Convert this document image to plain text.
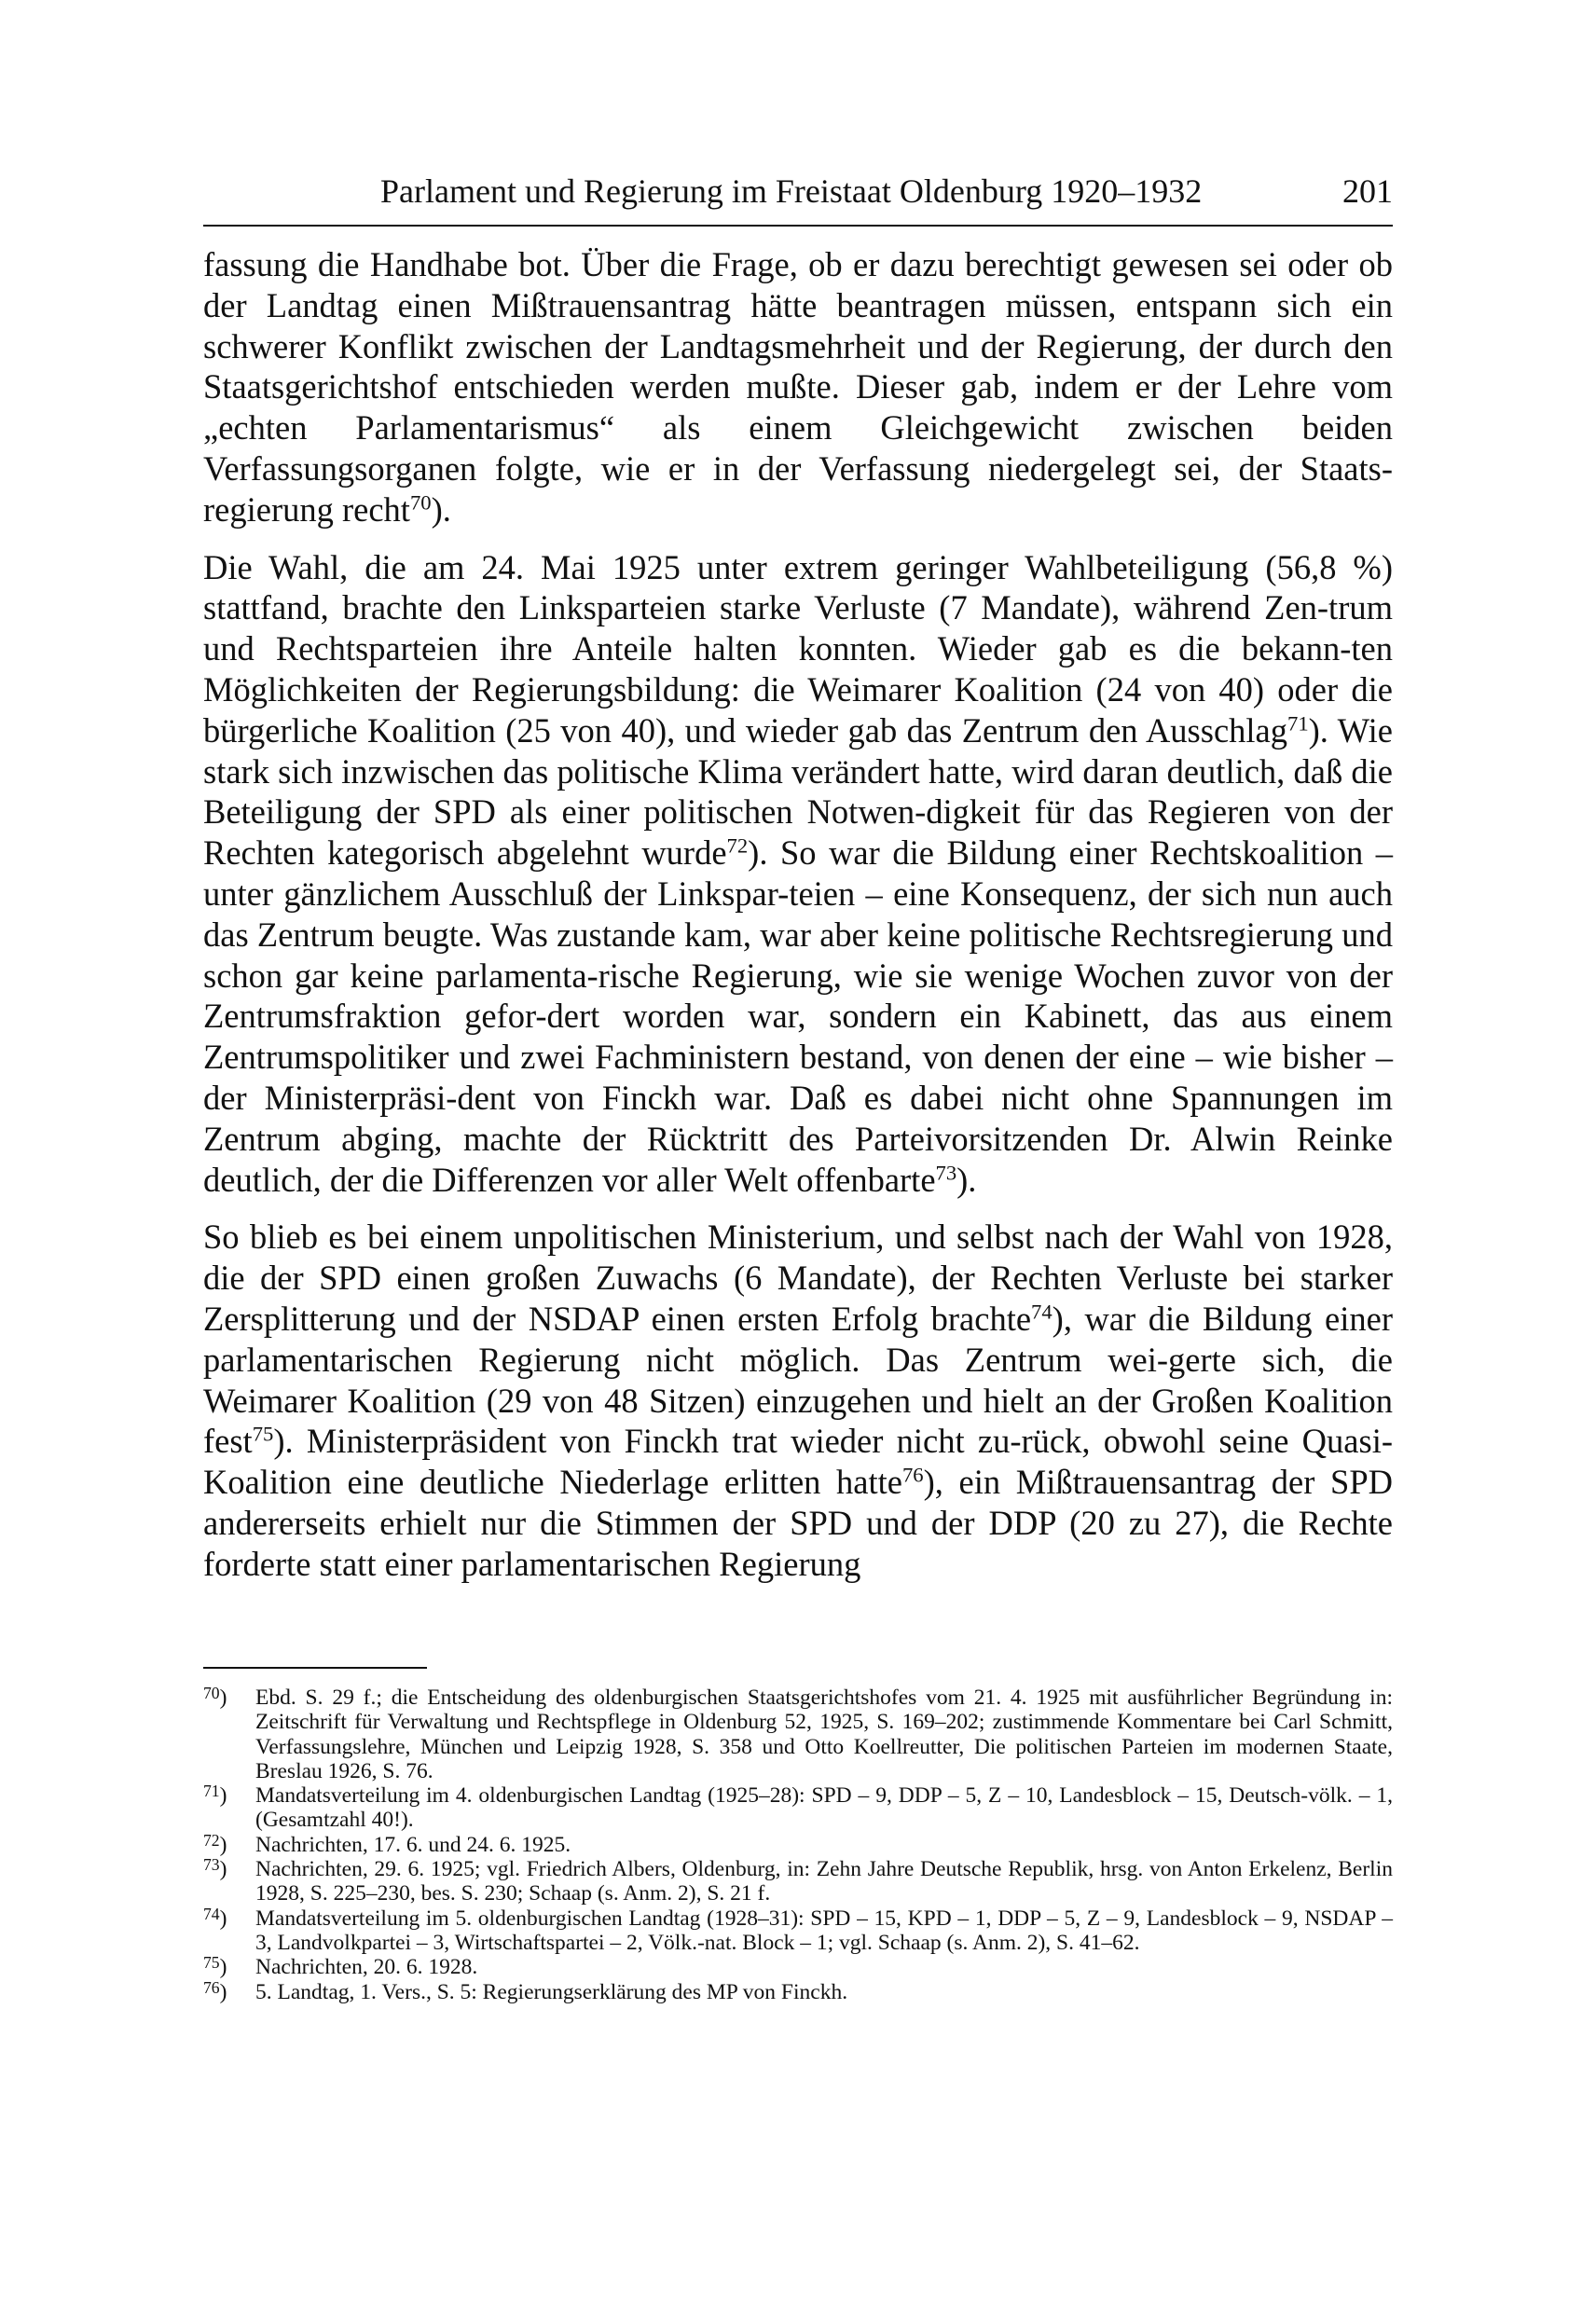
Parlament und Regierung im Freistaat Oldenburg 1920–1932	201

fassung die Handhabe bot. Über die Frage, ob er dazu berechtigt gewesen sei oder ob der Landtag einen Mißtrauensantrag hätte beantragen müssen, entspann sich ein schwerer Konflikt zwischen der Landtagsmehrheit und der Regierung, der durch den Staatsgerichtshof entschieden werden mußte. Dieser gab, indem er der Lehre vom „echten Parlamentarismus“ als einem Gleichgewicht zwischen beiden Verfassungsorganen folgte, wie er in der Verfassung niedergelegt sei, der Staats-regierung recht$^{70}$).

Die Wahl, die am 24. Mai 1925 unter extrem geringer Wahlbeteiligung (56,8 %) stattfand, brachte den Linksparteien starke Verluste (7 Mandate), während Zen-trum und Rechtsparteien ihre Anteile halten konnten. Wieder gab es die bekann-ten Möglichkeiten der Regierungsbildung: die Weimarer Koalition (24 von 40) oder die bürgerliche Koalition (25 von 40), und wieder gab das Zentrum den Ausschlag$^{71}$). Wie stark sich inzwischen das politische Klima verändert hatte, wird daran deutlich, daß die Beteiligung der SPD als einer politischen Notwen-digkeit für das Regieren von der Rechten kategorisch abgelehnt wurde$^{72}$). So war die Bildung einer Rechtskoalition – unter gänzlichem Ausschluß der Linkspar-teien – eine Konsequenz, der sich nun auch das Zentrum beugte. Was zustande kam, war aber keine politische Rechtsregierung und schon gar keine parlamenta-rische Regierung, wie sie wenige Wochen zuvor von der Zentrumsfraktion gefor-dert worden war, sondern ein Kabinett, das aus einem Zentrumspolitiker und zwei Fachministern bestand, von denen der eine – wie bisher – der Ministerpräsi-dent von Finckh war. Daß es dabei nicht ohne Spannungen im Zentrum abging, machte der Rücktritt des Parteivorsitzenden Dr. Alwin Reinke deutlich, der die Differenzen vor aller Welt offenbarte$^{73}$).

So blieb es bei einem unpolitischen Ministerium, und selbst nach der Wahl von 1928, die der SPD einen großen Zuwachs (6 Mandate), der Rechten Verluste bei starker Zersplitterung und der NSDAP einen ersten Erfolg brachte$^{74}$), war die Bildung einer parlamentarischen Regierung nicht möglich. Das Zentrum wei-gerte sich, die Weimarer Koalition (29 von 48 Sitzen) einzugehen und hielt an der Großen Koalition fest$^{75}$). Ministerpräsident von Finckh trat wieder nicht zu-rück, obwohl seine Quasi-Koalition eine deutliche Niederlage erlitten hatte$^{76}$), ein Mißtrauensantrag der SPD andererseits erhielt nur die Stimmen der SPD und der DDP (20 zu 27), die Rechte forderte statt einer parlamentarischen Regierung

$^{70}$) Ebd. S. 29 f.; die Entscheidung des oldenburgischen Staatsgerichtshofes vom 21. 4. 1925 mit ausführlicher Begründung in: Zeitschrift für Verwaltung und Rechtspflege in Oldenburg 52, 1925, S. 169–202; zustimmende Kommentare bei Carl Schmitt, Verfassungslehre, München und Leipzig 1928, S. 358 und Otto Koellreutter, Die politischen Parteien im modernen Staate, Breslau 1926, S. 76.
$^{71}$) Mandatsverteilung im 4. oldenburgischen Landtag (1925–28): SPD – 9, DDP – 5, Z – 10, Landesblock – 15, Deutsch-völk. – 1, (Gesamtzahl 40!).
$^{72}$) Nachrichten, 17. 6. und 24. 6. 1925.
$^{73}$) Nachrichten, 29. 6. 1925; vgl. Friedrich Albers, Oldenburg, in: Zehn Jahre Deutsche Republik, hrsg. von Anton Erkelenz, Berlin 1928, S. 225–230, bes. S. 230; Schaap (s. Anm. 2), S. 21 f.
$^{74}$) Mandatsverteilung im 5. oldenburgischen Landtag (1928–31): SPD – 15, KPD – 1, DDP – 5, Z – 9, Landesblock – 9, NSDAP – 3, Landvolkpartei – 3, Wirtschaftspartei – 2, Völk.-nat. Block – 1; vgl. Schaap (s. Anm. 2), S. 41–62.
$^{75}$) Nachrichten, 20. 6. 1928.
$^{76}$) 5. Landtag, 1. Vers., S. 5: Regierungserklärung des MP von Finckh.
